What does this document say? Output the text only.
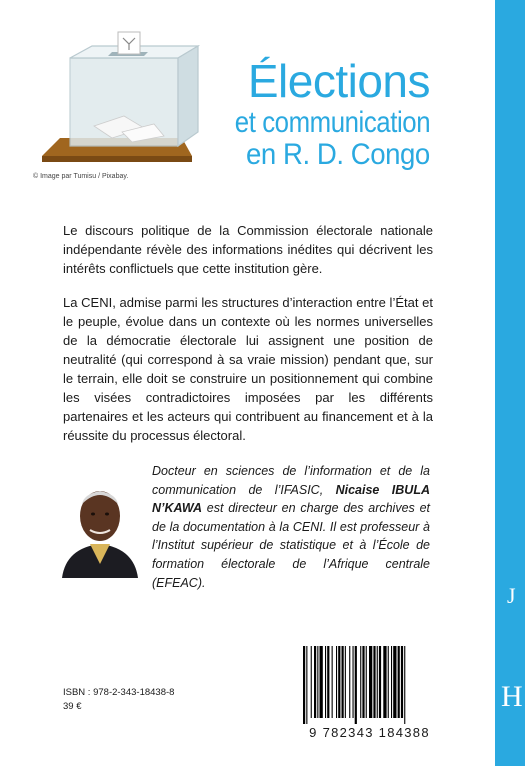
J
H
© Image par Tumisu / Pixabay.
Élections
et communication
en R. D. Congo

Le discours politique de la Commission électorale nationale indépendante révèle des informations inédites qui décrivent les intérêts conflictuels que cette institution gère.

La CENI, admise parmi les structures d’interaction entre l’État et le peuple, évolue dans un contexte où les normes universelles de la démocratie électorale lui assignent une position de neutralité (qui correspond à sa vraie mission) pendant que, sur le terrain, elle doit se construire un positionnement qui combine les visées contradictoires imposées par les différents partenaires et les acteurs qui contribuent au financement et à la réussite du processus électoral.

Docteur en sciences de l’information et de la communication de l’IFASIC, Nicaise IBULA N’KAWA est directeur en charge des archives et de la documentation à la CENI. Il est professeur à l’Institut supérieur de statistique et à l’École de formation électorale de l’Afrique centrale (EFEAC).

ISBN : 978-2-343-18438-8
39 €
9 782343 184388
